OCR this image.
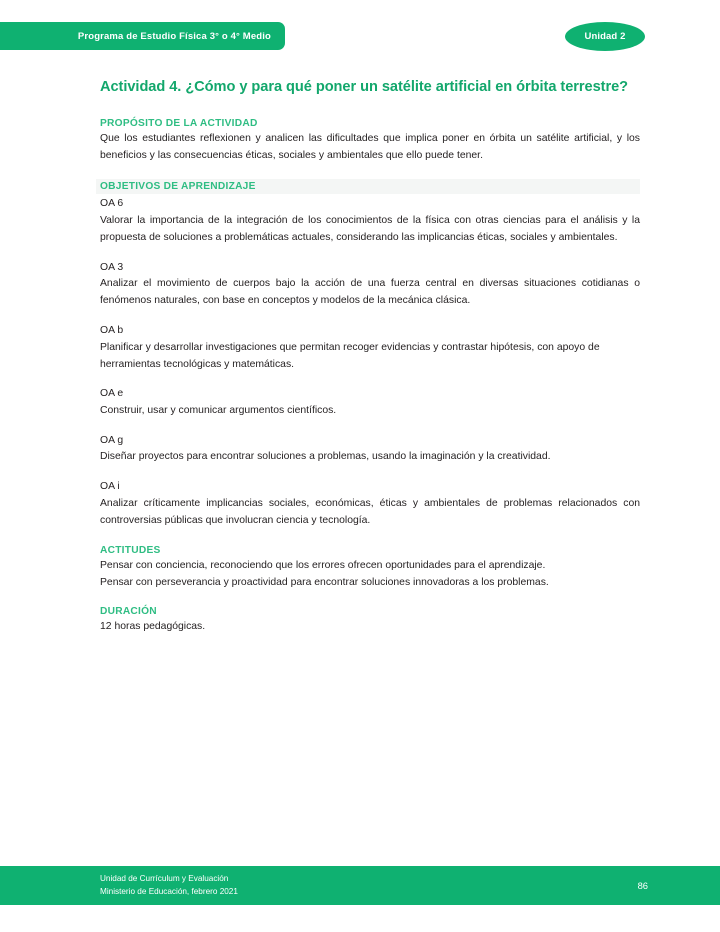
Programa de Estudio Física 3° o 4° Medio	Unidad 2
Actividad 4. ¿Cómo y para qué poner un satélite artificial en órbita terrestre?
PROPÓSITO DE LA ACTIVIDAD

Que los estudiantes reflexionen y analicen las dificultades que implica poner en órbita un satélite artificial, y los beneficios y las consecuencias éticas, sociales y ambientales que ello puede tener.

OBJETIVOS DE APRENDIZAJE
OA 6

Valorar la importancia de la integración de los conocimientos de la física con otras ciencias para el análisis y la propuesta de soluciones a problemáticas actuales, considerando las implicancias éticas, sociales y ambientales.

OA 3

Analizar el movimiento de cuerpos bajo la acción de una fuerza central en diversas situaciones cotidianas o fenómenos naturales, con base en conceptos y modelos de la mecánica clásica.

OA b

Planificar y desarrollar investigaciones que permitan recoger evidencias y contrastar hipótesis, con apoyo de herramientas tecnológicas y matemáticas.

OA e

Construir, usar y comunicar argumentos científicos.

OA g

Diseñar proyectos para encontrar soluciones a problemas, usando la imaginación y la creatividad.

OA i

Analizar críticamente implicancias sociales, económicas, éticas y ambientales de problemas relacionados con controversias públicas que involucran ciencia y tecnología.

ACTITUDES

Pensar con conciencia, reconociendo que los errores ofrecen oportunidades para el aprendizaje.

Pensar con perseverancia y proactividad para encontrar soluciones innovadoras a los problemas.

DURACIÓN

12 horas pedagógicas.

Unidad de Currículum y Evaluación
Ministerio de Educación, febrero 2021	86
